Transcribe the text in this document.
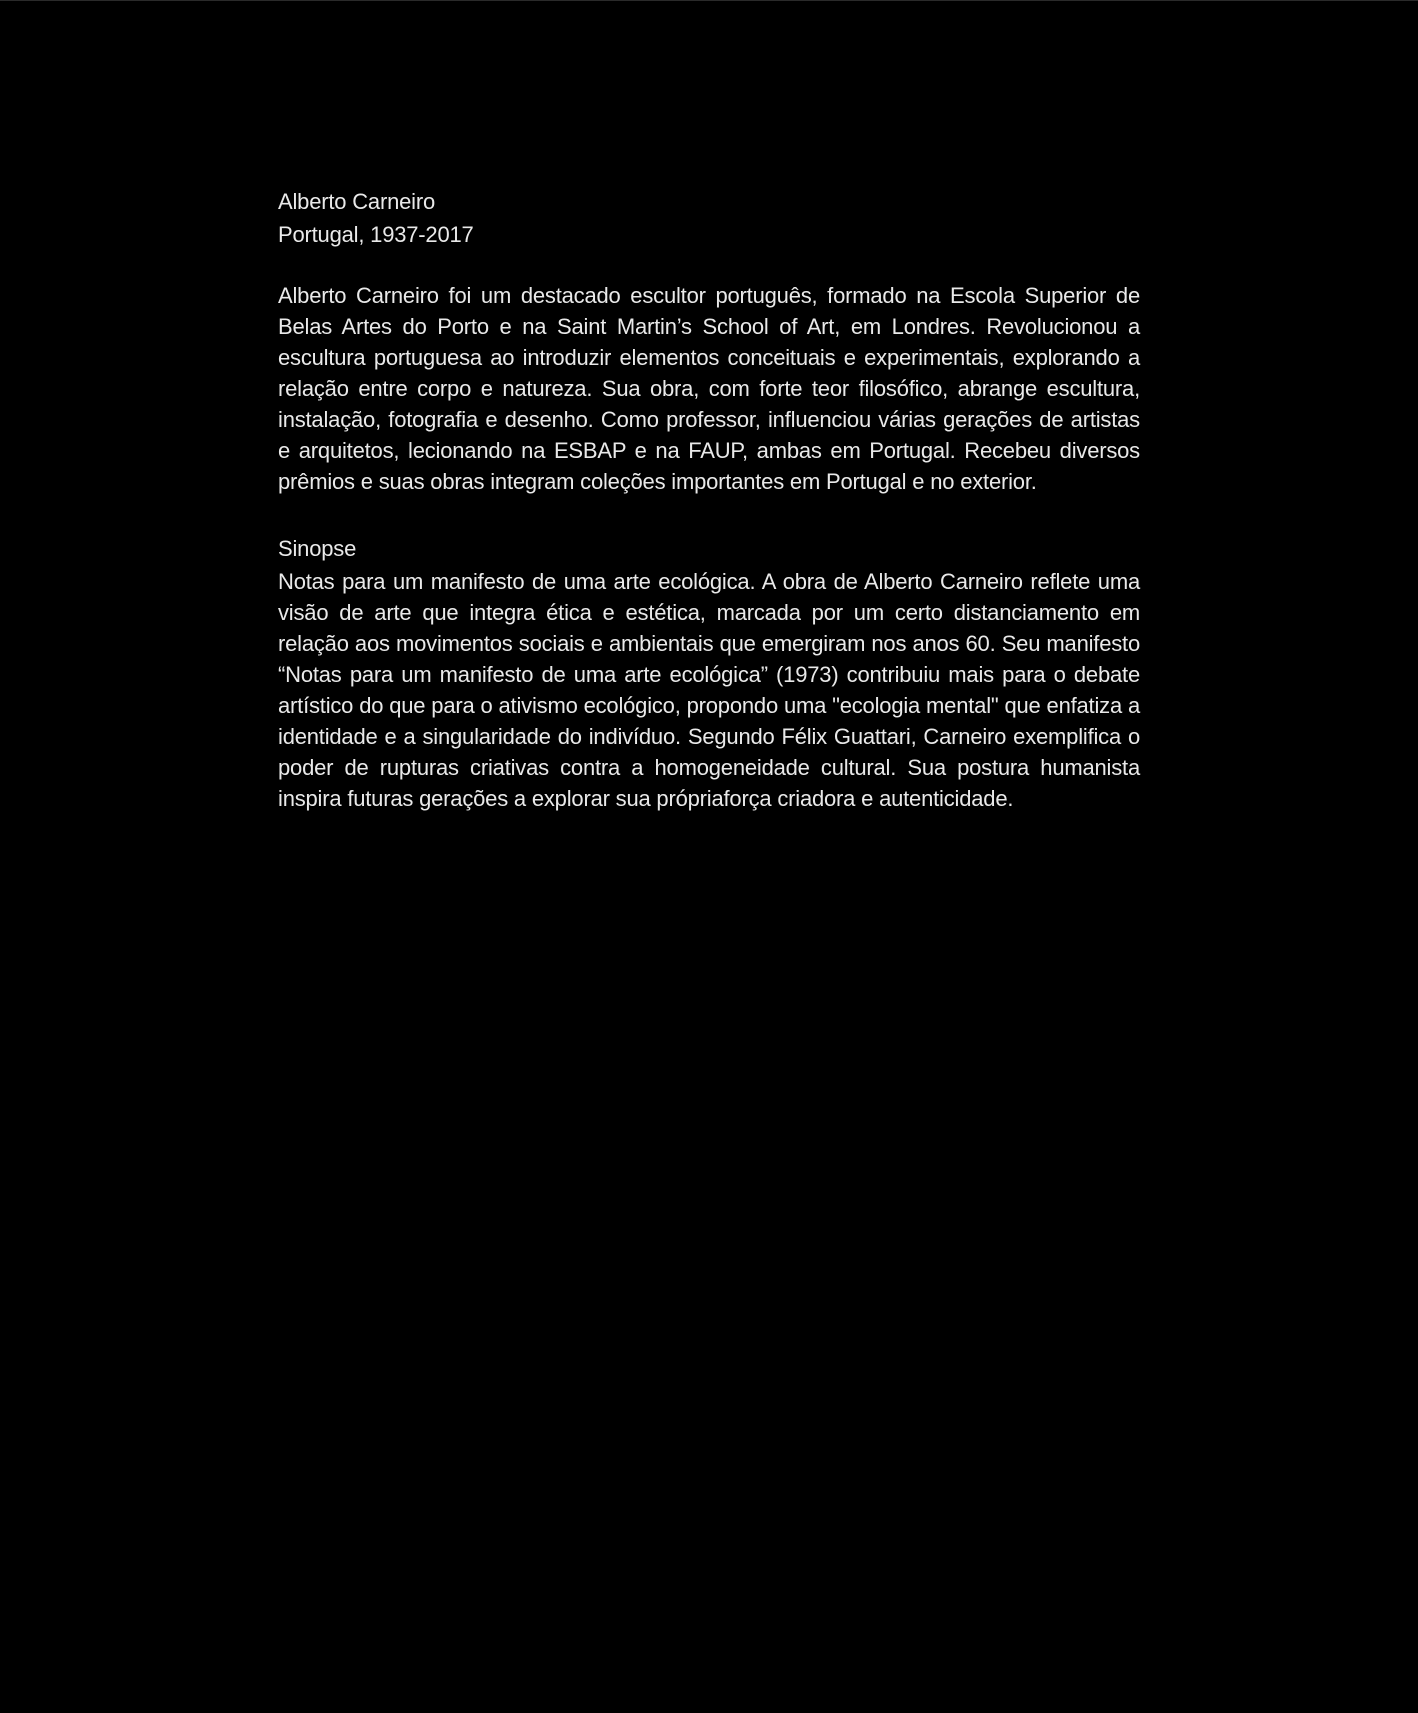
Alberto Carneiro
Portugal, 1937-2017

Alberto Carneiro foi um destacado escultor português, formado na Escola Superior de Belas Artes do Porto e na Saint Martin’s School of Art, em Londres. Revolucionou a escultura portuguesa ao introduzir elementos conceituais e experimentais, explorando a relação entre corpo e natureza. Sua obra, com forte teor filosófico, abrange escultura, instalação, fotografia e desenho. Como professor, influenciou várias gerações de artistas e arquitetos, lecionando na ESBAP e na FAUP, ambas em Portugal. Recebeu diversos prêmios e suas obras integram coleções importantes em Portugal e no exterior.

Sinopse

Notas para um manifesto de uma arte ecológica. A obra de Alberto Carneiro reflete uma visão de arte que integra ética e estética, marcada por um certo distanciamento em relação aos movimentos sociais e ambientais que emergiram nos anos 60. Seu manifesto “Notas para um manifesto de uma arte ecológica” (1973) contribuiu mais para o debate artístico do que para o ativismo ecológico, propondo uma "ecologia mental" que enfatiza a identidade e a singularidade do indivíduo. Segundo Félix Guattari, Carneiro exemplifica o poder de rupturas criativas contra a homogeneidade cultural. Sua postura humanista inspira futuras gerações a explorar sua própriaforça criadora e autenticidade.
